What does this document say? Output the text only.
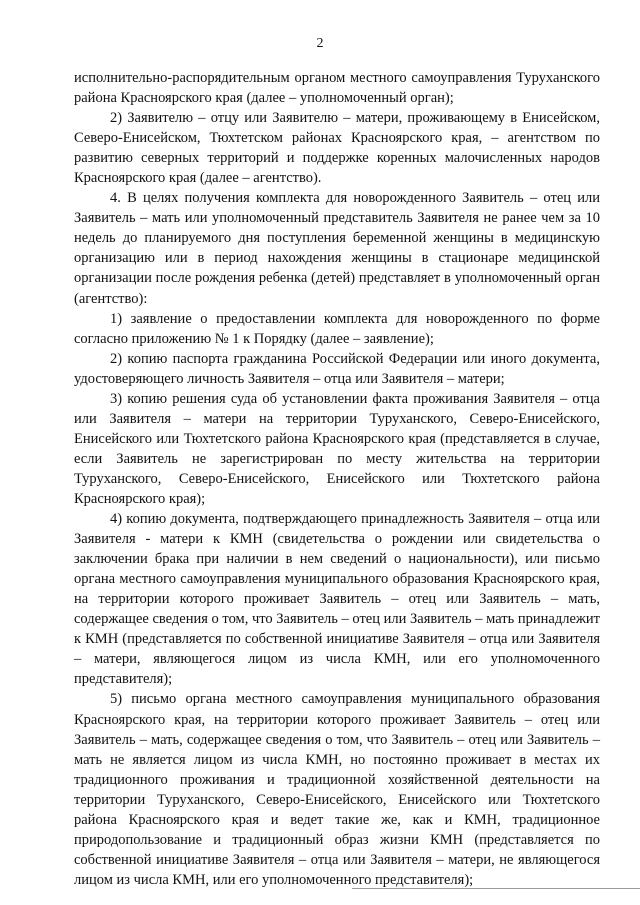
2

исполнительно-распорядительным органом местного самоуправления Туруханского района Красноярского края (далее – уполномоченный орган);

2) Заявителю – отцу или Заявителю – матери, проживающему в Енисейском, Северо-Енисейском, Тюхтетском районах Красноярского края, – агентством по развитию северных территорий и поддержке коренных малочисленных народов Красноярского края (далее – агентство).

4. В целях получения комплекта для новорожденного Заявитель – отец или Заявитель – мать или уполномоченный представитель Заявителя не ранее чем за 10 недель до планируемого дня поступления беременной женщины в медицинскую организацию или в период нахождения женщины в стационаре медицинской организации после рождения ребенка (детей) представляет в уполномоченный орган (агентство):

1) заявление о предоставлении комплекта для новорожденного по форме согласно приложению № 1 к Порядку (далее – заявление);

2) копию паспорта гражданина Российской Федерации или иного документа, удостоверяющего личность Заявителя – отца или Заявителя – матери;

3) копию решения суда об установлении факта проживания Заявителя – отца или Заявителя – матери на территории Туруханского, Северо-Енисейского, Енисейского или Тюхтетского района Красноярского края (представляется в случае, если Заявитель не зарегистрирован по месту жительства на территории Туруханского, Северо-Енисейского, Енисейского или Тюхтетского района Красноярского края);

4) копию документа, подтверждающего принадлежность Заявителя – отца или Заявителя - матери к КМН (свидетельства о рождении или свидетельства о заключении брака при наличии в нем сведений о национальности), или письмо органа местного самоуправления муниципального образования Красноярского края, на территории которого проживает Заявитель – отец или Заявитель – мать, содержащее сведения о том, что Заявитель – отец или Заявитель – мать принадлежит к КМН (представляется по собственной инициативе Заявителя – отца или Заявителя – матери, являющегося лицом из числа КМН, или его уполномоченного представителя);

5) письмо органа местного самоуправления муниципального образования Красноярского края, на территории которого проживает Заявитель – отец или Заявитель – мать, содержащее сведения о том, что Заявитель – отец или Заявитель – мать не является лицом из числа КМН, но постоянно проживает в местах их традиционного проживания и традиционной хозяйственной деятельности на территории Туруханского, Северо-Енисейского, Енисейского или Тюхтетского района Красноярского края и ведет такие же, как и КМН, традиционное природопользование и традиционный образ жизни КМН (представляется по собственной инициативе Заявителя – отца или Заявителя – матери, не являющегося лицом из числа КМН, или его уполномоченного представителя);
